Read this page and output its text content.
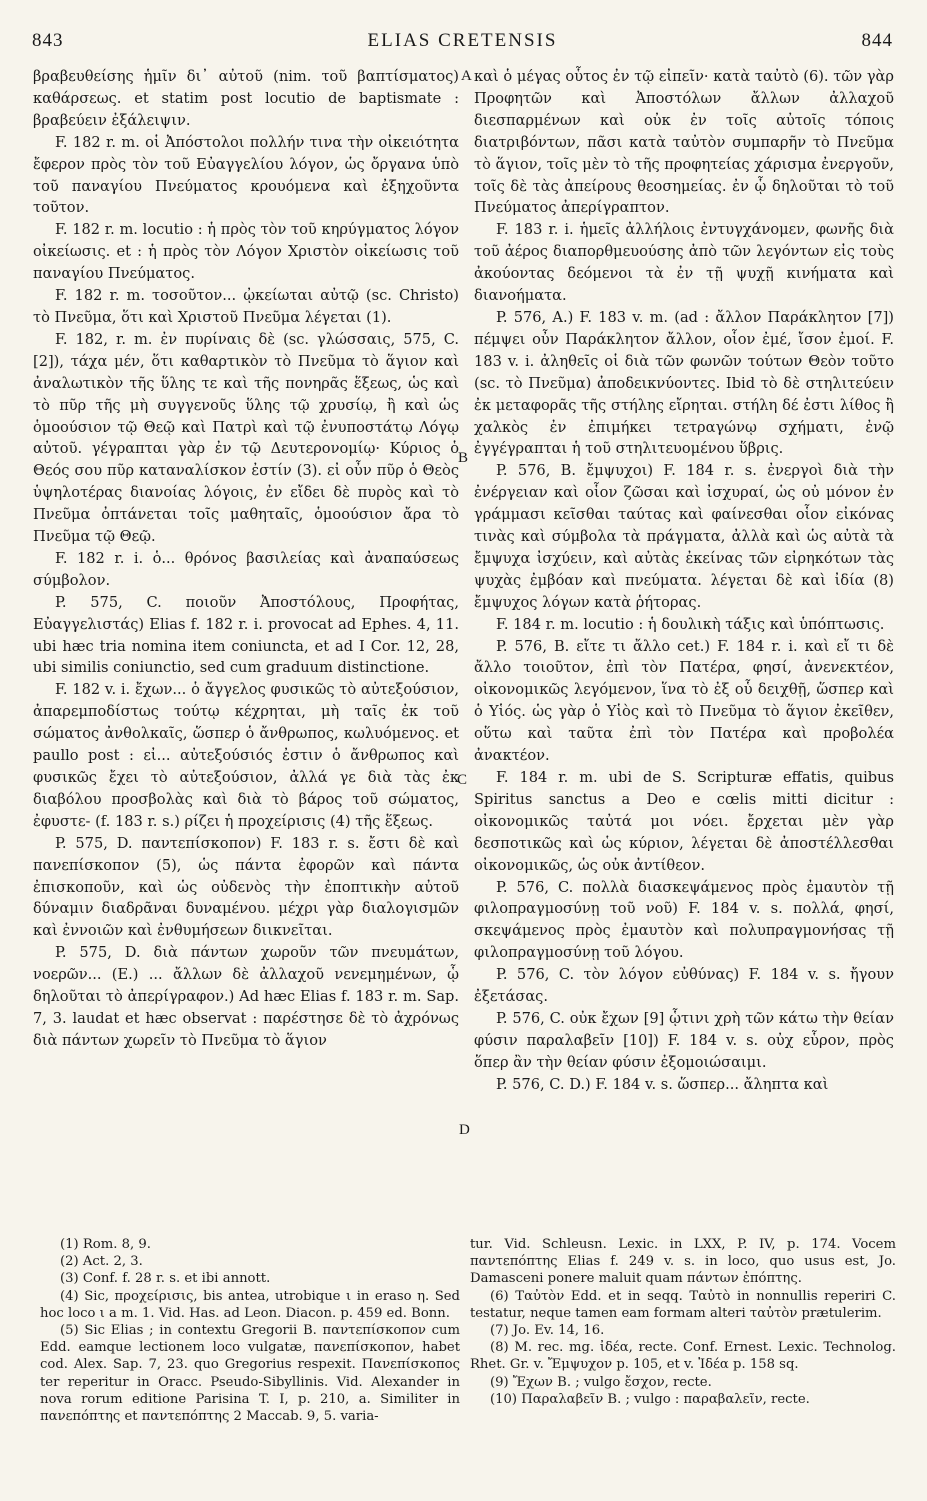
843	ELIAS CRETENSIS	844
A
B
C
D

βραβευθείσης ἡμῖν δι᾽ αὐτοῦ (nim. τοῦ βαπτίσματος) καθάρσεως. et statim post locutio de baptismate : βραβεύειν ἐξάλειψιν.

F. 182 r. m. οἱ Ἀπόστολοι πολλήν τινα τὴν οἰκειότητα ἔφερον πρὸς τὸν τοῦ Εὐαγγελίου λόγον, ὡς ὄργανα ὑπὸ τοῦ παναγίου Πνεύματος κρουόμενα καὶ ἐξηχοῦντα τοῦτον.

F. 182 r. m. locutio : ἡ πρὸς τὸν τοῦ κηρύγματος λόγον οἰκείωσις. et : ἡ πρὸς τὸν Λόγον Χριστὸν οἰκείωσις τοῦ παναγίου Πνεύματος.

F. 182 r. m. τοσοῦτον... ᾠκείωται αὐτῷ (sc. Christo) τὸ Πνεῦμα, ὅτι καὶ Χριστοῦ Πνεῦμα λέγεται (1).

F. 182, r. m. ἐν πυρίναις δὲ (sc. γλώσσαις, 575, C. [2]), τάχα μέν, ὅτι καθαρτικὸν τὸ Πνεῦμα τὸ ἅγιον καὶ ἀναλωτικὸν τῆς ὕλης τε καὶ τῆς πονηρᾶς ἕξεως, ὡς καὶ τὸ πῦρ τῆς μὴ συγγενοῦς ὕλης τῷ χρυσίῳ, ἢ καὶ ὡς ὁμοούσιον τῷ Θεῷ καὶ Πατρὶ καὶ τῷ ἐνυποστάτῳ Λόγῳ αὐτοῦ. γέγραπται γὰρ ἐν τῷ Δευτερονομίῳ· Κύριος ὁ Θεός σου πῦρ καταναλίσκον ἐστίν (3). εἰ οὖν πῦρ ὁ Θεὸς ὑψηλοτέρας διανοίας λόγοις, ἐν εἴδει δὲ πυρὸς καὶ τὸ Πνεῦμα ὀπτάνεται τοῖς μαθηταῖς, ὁμοούσιον ἄρα τὸ Πνεῦμα τῷ Θεῷ.

F. 182 r. i. ὁ... θρόνος βασιλείας καὶ ἀναπαύσεως σύμβολον.

P. 575, C. ποιοῦν Ἀποστόλους, Προφήτας, Εὐαγγελιστάς) Elias f. 182 r. i. provocat ad Ephes. 4, 11. ubi hæc tria nomina item coniuncta, et ad I Cor. 12, 28, ubi similis coniunctio, sed cum graduum distinctione.

F. 182 v. i. ἔχων... ὁ ἄγγελος φυσικῶς τὸ αὐτεξούσιον, ἀπαρεμποδίστως τούτῳ κέχρηται, μὴ ταῖς ἐκ τοῦ σώματος ἀνθολκαῖς, ὥσπερ ὁ ἄνθρωπος, κωλυόμενος. et paullo post : εἰ... αὐτεξούσιός ἐστιν ὁ ἄνθρωπος καὶ φυσικῶς ἔχει τὸ αὐτεξούσιον, ἀλλά γε διὰ τὰς ἐκ διαβόλου προσβολὰς καὶ διὰ τὸ βάρος τοῦ σώματος, ἐφυστε- (f. 183 r. s.) ρίζει ἡ προχείρισις (4) τῆς ἕξεως.

P. 575, D. παντεπίσκοπον) F. 183 r. s. ἔστι δὲ καὶ πανεπίσκοπον (5), ὡς πάντα ἐφορῶν καὶ πάντα ἐπισκοποῦν, καὶ ὡς οὐδενὸς τὴν ἐποπτικὴν αὐτοῦ δύναμιν διαδρᾶναι δυναμένου. μέχρι γὰρ διαλογισμῶν καὶ ἐννοιῶν καὶ ἐνθυμήσεων διικνεῖται.

P. 575, D. διὰ πάντων χωροῦν τῶν πνευμάτων, νοερῶν... (E.) ... ἄλλων δὲ ἀλλαχοῦ νενεμημένων, ᾧ δηλοῦται τὸ ἀπερίγραφον.) Ad hæc Elias f. 183 r. m. Sap. 7, 3. laudat et hæc observat : παρέστησε δὲ τὸ ἀχρόνως διὰ πάντων χωρεῖν τὸ Πνεῦμα τὸ ἅγιον

καὶ ὁ μέγας οὗτος ἐν τῷ εἰπεῖν· κατὰ ταὐτὸ (6). τῶν γὰρ Προφητῶν καὶ Ἀποστόλων ἄλλων ἀλλαχοῦ διεσπαρμένων καὶ οὐκ ἐν τοῖς αὐτοῖς τόποις διατριβόντων, πᾶσι κατὰ ταὐτὸν συμπαρῆν τὸ Πνεῦμα τὸ ἅγιον, τοῖς μὲν τὸ τῆς προφητείας χάρισμα ἐνεργοῦν, τοῖς δὲ τὰς ἀπείρους θεοσημείας. ἐν ᾧ δηλοῦται τὸ τοῦ Πνεύματος ἀπερίγραπτον.

F. 183 r. i. ἡμεῖς ἀλλήλοις ἐντυγχάνομεν, φωνῆς διὰ τοῦ ἀέρος διαπορθμευούσης ἀπὸ τῶν λεγόντων εἰς τοὺς ἀκούοντας δεόμενοι τὰ ἐν τῇ ψυχῇ κινήματα καὶ διανοήματα.

P. 576, A.) F. 183 v. m. (ad : ἄλλον Παράκλητον [7]) πέμψει οὖν Παράκλητον ἄλλον, οἷον ἐμέ, ἴσον ἐμοί. F. 183 v. i. ἀληθεῖς οἱ διὰ τῶν φωνῶν τούτων Θεὸν τοῦτο (sc. τὸ Πνεῦμα) ἀποδεικνύοντες. Ibid τὸ δὲ στηλιτεύειν ἐκ μεταφορᾶς τῆς στήλης εἴρηται. στήλη δέ ἐστι λίθος ἢ χαλκὸς ἐν ἐπιμήκει τετραγώνῳ σχήματι, ἐνῷ ἐγγέγραπται ἡ τοῦ στηλιτευομένου ὕβρις.

P. 576, B. ἔμψυχοι) F. 184 r. s. ἐνεργοὶ διὰ τὴν ἐνέργειαν καὶ οἷον ζῶσαι καὶ ἰσχυραί, ὡς οὐ μόνον ἐν γράμμασι κεῖσθαι ταύτας καὶ φαίνεσθαι οἷον εἰκόνας τινὰς καὶ σύμβολα τὰ πράγματα, ἀλλὰ καὶ ὡς αὐτὰ τὰ ἔμψυχα ἰσχύειν, καὶ αὐτὰς ἐκείνας τῶν εἰρηκότων τὰς ψυχὰς ἐμβόαν καὶ πνεύματα. λέγεται δὲ καὶ ἰδία (8) ἔμψυχος λόγων κατὰ ῥήτορας.

F. 184 r. m. locutio : ἡ δουλικὴ τάξις καὶ ὑπόπτωσις.

P. 576, B. εἴτε τι ἄλλο cet.) F. 184 r. i. καὶ εἴ τι δὲ ἄλλο τοιοῦτον, ἐπὶ τὸν Πατέρα, φησί, ἀνενεκτέον, οἰκονομικῶς λεγόμενον, ἵνα τὸ ἐξ οὗ δειχθῇ, ὥσπερ καὶ ὁ Υἱός. ὡς γὰρ ὁ Υἱὸς καὶ τὸ Πνεῦμα τὸ ἅγιον ἐκεῖθεν, οὕτω καὶ ταῦτα ἐπὶ τὸν Πατέρα καὶ προβολέα ἀνακτέον.

F. 184 r. m. ubi de S. Scripturæ effatis, quibus Spiritus sanctus a Deo e cœlis mitti dicitur : οἰκονομικῶς ταὐτά μοι νόει. ἔρχεται μὲν γὰρ δεσποτικῶς καὶ ὡς κύριον, λέγεται δὲ ἀποστέλλεσθαι οἰκονομικῶς, ὡς οὐκ ἀντίθεον.

P. 576, C. πολλὰ διασκεψάμενος πρὸς ἐμαυτὸν τῇ φιλοπραγμοσύνῃ τοῦ νοῦ) F. 184 v. s. πολλά, φησί, σκεψάμενος πρὸς ἐμαυτὸν καὶ πολυπραγμονήσας τῇ φιλοπραγμοσύνῃ τοῦ λόγου.

P. 576, C. τὸν λόγον εὐθύνας) F. 184 v. s. ἤγουν ἐξετάσας.

P. 576, C. οὐκ ἔχων [9] ᾧτινι χρὴ τῶν κάτω τὴν θείαν φύσιν παραλαβεῖν [10]) F. 184 v. s. οὐχ εὗρον, πρὸς ὅπερ ἂν τὴν θείαν φύσιν ἐξομοιώσαιμι.

P. 576, C. D.) F. 184 v. s. ὥσπερ... ἄληπτα καὶ

(1) Rom. 8, 9.

(2) Act. 2, 3.

(3) Conf. f. 28 r. s. et ibi annott.

(4) Sic, προχείρισις, bis antea, utrobique ι in eraso η. Sed hoc loco ι a m. 1. Vid. Has. ad Leon. Diacon. p. 459 ed. Bonn.

(5) Sic Elias ; in contextu Gregorii B. παντεπίσκοπον cum Edd. eamque lectionem loco vulgatæ, πανεπίσκοπον, habet cod. Alex. Sap. 7, 23. quo Gregorius respexit. Πανεπίσκοπος ter reperitur in Oracc. Pseudo-Sibyllinis. Vid. Alexander in nova rorum editione Parisina T. I, p. 210, a. Similiter in πανεπόπτης et παντεπόπτης 2 Maccab. 9, 5. varia-

tur. Vid. Schleusn. Lexic. in LXX, P. IV, p. 174. Vocem παντεπόπτης Elias f. 249 v. s. in loco, quo usus est, Jo. Damasceni ponere maluit quam πάντων ἐπόπτης.

(6) Ταὐτὸν Edd. et in seqq. Ταὐτὸ in nonnullis reperiri C. testatur, neque tamen eam formam alteri ταὐτὸν prætulerim.

(7) Jo. Ev. 14, 16.

(8) M. rec. mg. ἰδέα, recte. Conf. Ernest. Lexic. Technolog. Rhet. Gr. v. Ἔμψυχον p. 105, et v. Ἰδέα p. 158 sq.

(9) Ἔχων B. ; vulgo ἔσχον, recte.

(10) Παραλαβεῖν B. ; vulgo : παραβαλεῖν, recte.
